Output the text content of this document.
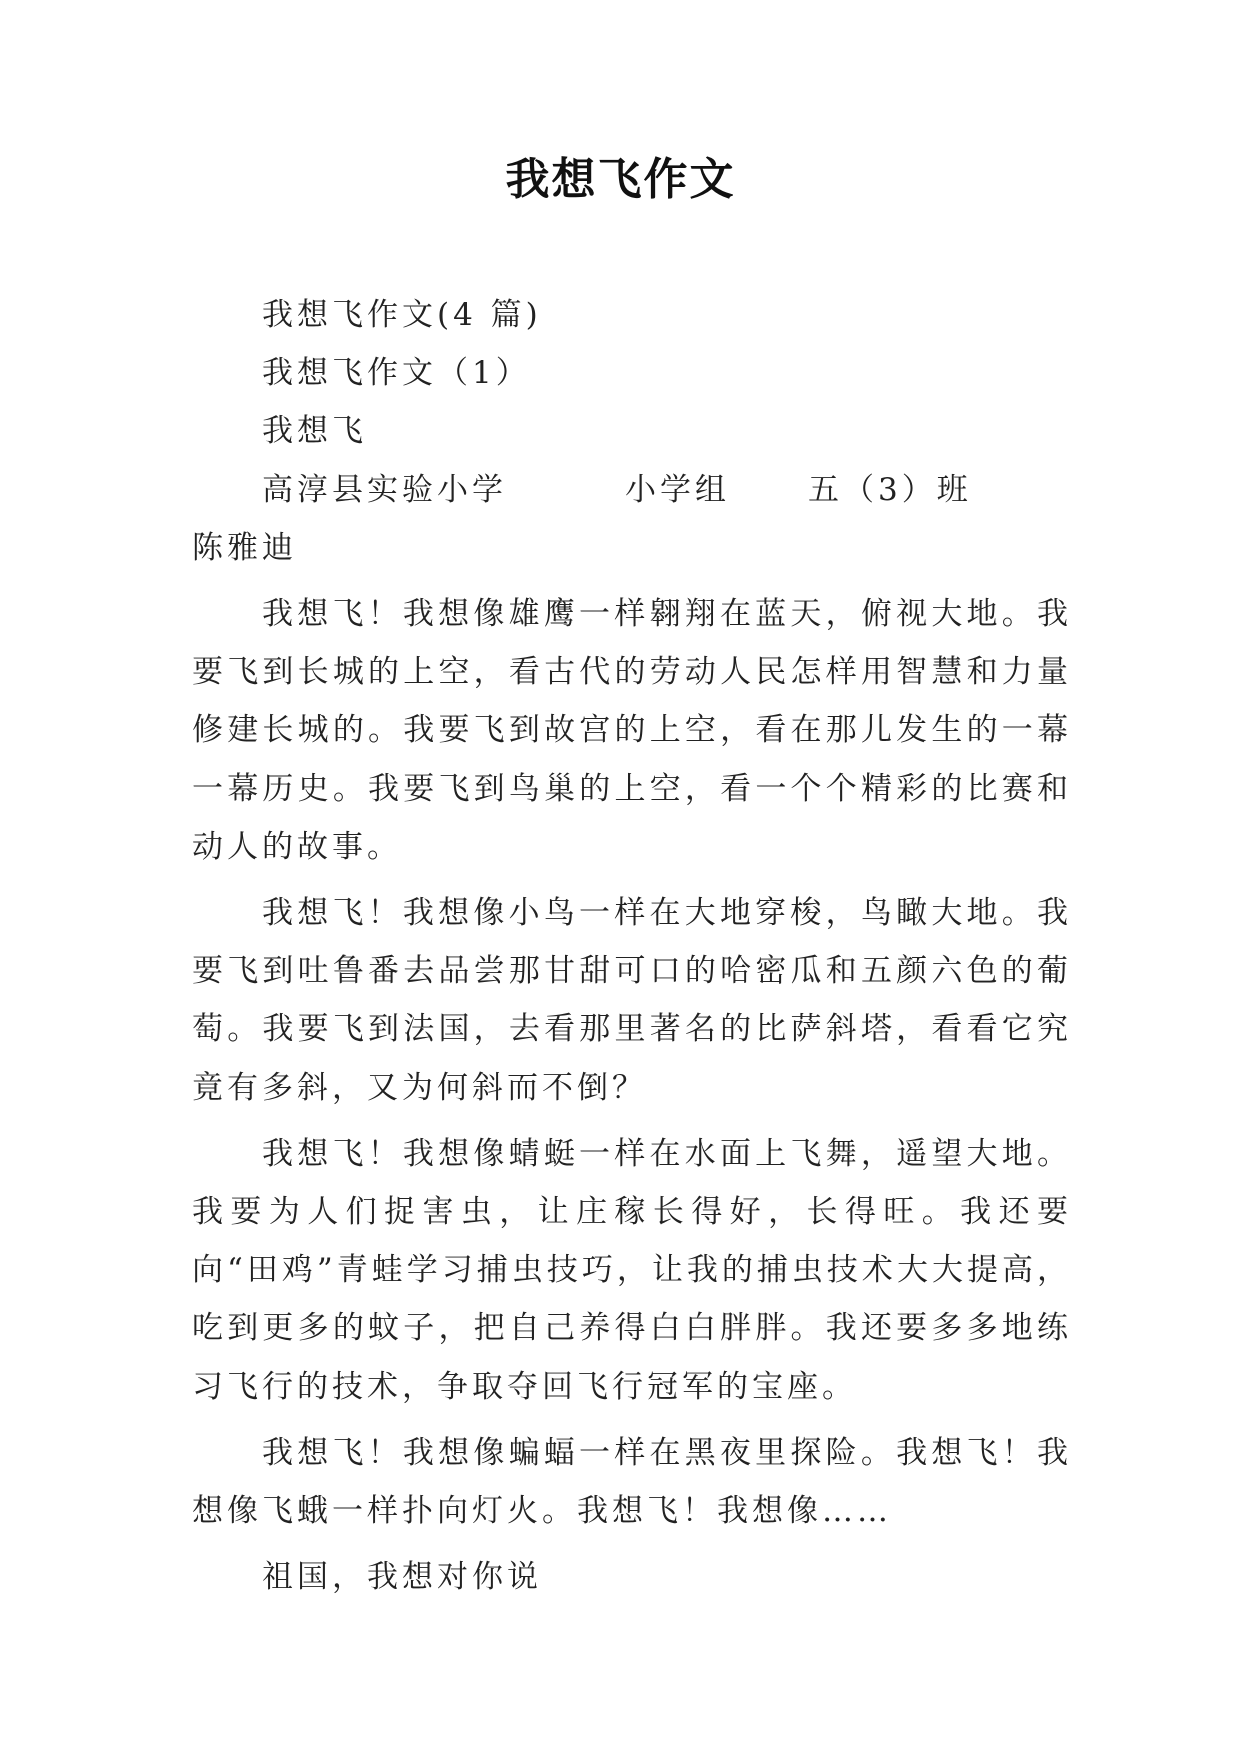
我想飞作文

我想飞作文(4 篇)

我想飞作文（1）

我想飞

高淳县实验小学	小学组	五（3）班

陈雅迪

我想飞！我想像雄鹰一样翱翔在蓝天，俯视大地。我要飞到长城的上空，看古代的劳动人民怎样用智慧和力量修建长城的。我要飞到故宫的上空，看在那儿发生的一幕一幕历史。我要飞到鸟巢的上空，看一个个精彩的比赛和动人的故事。

我想飞！我想像小鸟一样在大地穿梭，鸟瞰大地。我要飞到吐鲁番去品尝那甘甜可口的哈密瓜和五颜六色的葡萄。我要飞到法国，去看那里著名的比萨斜塔，看看它究竟有多斜，又为何斜而不倒？

我想飞！我想像蜻蜓一样在水面上飞舞，遥望大地。我要为人们捉害虫，让庄稼长得好，长得旺。我还要向“田鸡”青蛙学习捕虫技巧，让我的捕虫技术大大提高，吃到更多的蚊子，把自己养得白白胖胖。我还要多多地练习飞行的技术，争取夺回飞行冠军的宝座。

我想飞！我想像蝙蝠一样在黑夜里探险。我想飞！我想像飞蛾一样扑向灯火。我想飞！我想像……

祖国，我想对你说
